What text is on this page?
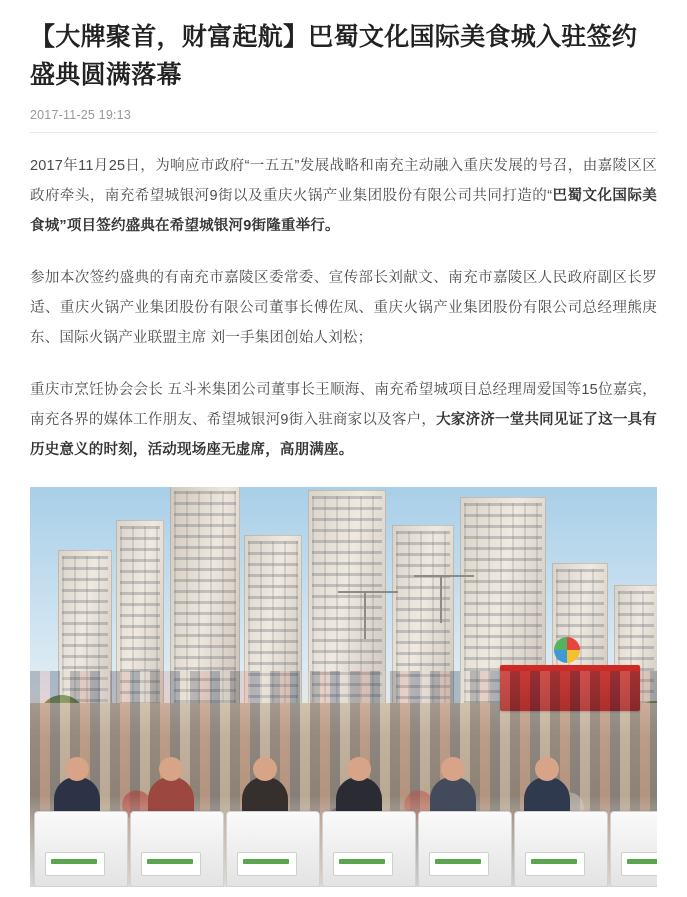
【大牌聚首，财富起航】巴蜀文化国际美食城入驻签约盛典圆满落幕
2017-11-25 19:13

2017年11月25日，为响应市政府“一五五”发展战略和南充主动融入重庆发展的号召，由嘉陵区区政府牵头，南充希望城银河9街以及重庆火锅产业集团股份有限公司共同打造的“巴蜀文化国际美食城”项目签约盛典在希望城银河9街隆重举行。

参加本次签约盛典的有南充市嘉陵区委常委、宣传部长刘献文、南充市嘉陵区人民政府副区长罗适、重庆火锅产业集团股份有限公司董事长傅佐凤、重庆火锅产业集团股份有限公司总经理熊庚东、国际火锅产业联盟主席 刘一手集团创始人刘松；

重庆市烹饪协会会长 五斗米集团公司董事长王顺海、南充希望城项目总经理周爱国等15位嘉宾，南充各界的媒体工作朋友、希望城银河9街入驻商家以及客户，大家济济一堂共同见证了这一具有历史意义的时刻，活动现场座无虚席，高朋满座。
